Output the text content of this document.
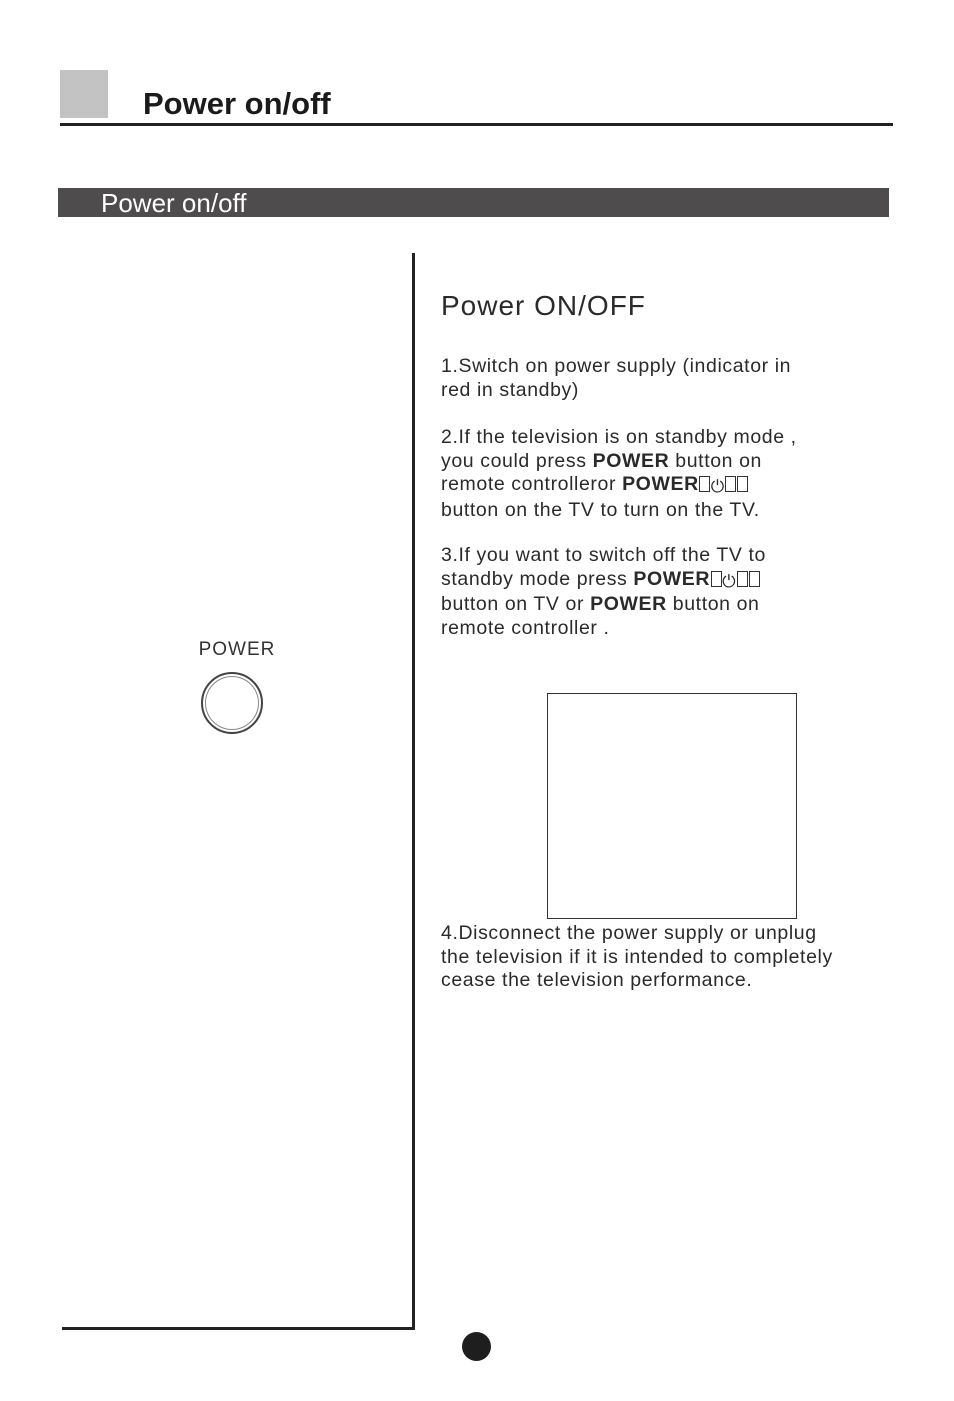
Power on/off
Power on/off
POWER
Power ON/OFF

1.Switch on power supply (indicator in

red in standby)

2.If the television is on standby mode ,

you could press POWER button on

remote controlleror POWER ⏻

button on the TV to turn on the TV.

3.If you want to switch off the TV to

standby mode press POWER ⏻

button on TV or POWER button on

remote controller .

4.Disconnect the power supply or unplug

the television if it is intended to completely

cease the television performance.
